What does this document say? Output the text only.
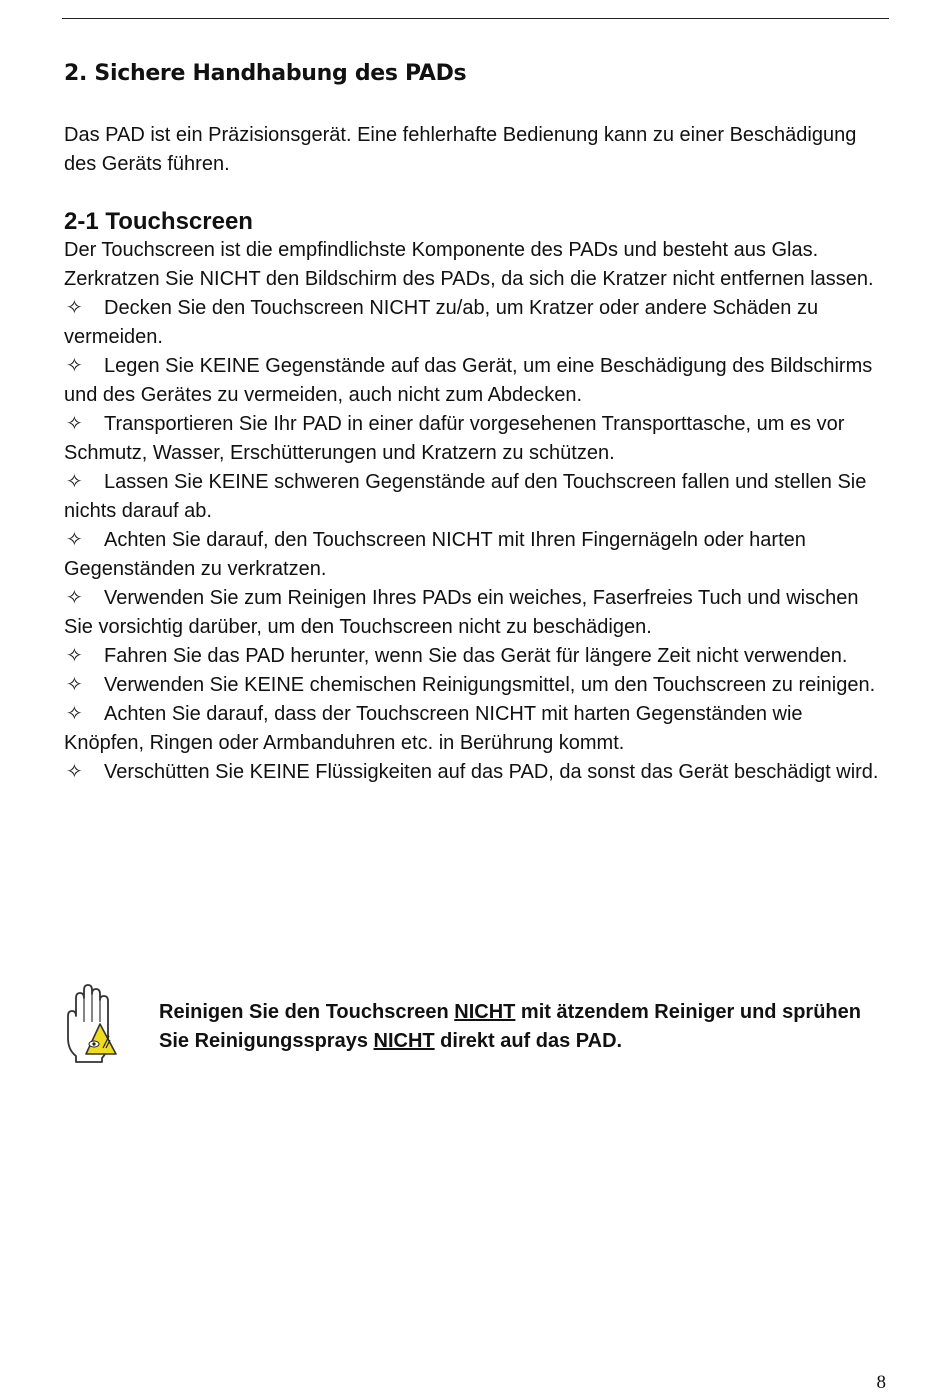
2. Sichere Handhabung des PADs

Das PAD ist ein Präzisionsgerät. Eine fehlerhafte Bedienung kann zu einer Beschädigung des Geräts führen.

2-1 Touchscreen

Der Touchscreen ist die empfindlichste Komponente des PADs und besteht aus Glas. Zerkratzen Sie NICHT den Bildschirm des PADs, da sich die Kratzer nicht entfernen lassen.

✧ Decken Sie den Touchscreen NICHT zu/ab, um Kratzer oder andere Schäden zu vermeiden.
✧ Legen Sie KEINE Gegenstände auf das Gerät, um eine Beschädigung des Bildschirms und des Gerätes zu vermeiden, auch nicht zum Abdecken.
✧ Transportieren Sie Ihr PAD in einer dafür vorgesehenen Transporttasche, um es vor Schmutz, Wasser, Erschütterungen und Kratzern zu schützen.
✧ Lassen Sie KEINE schweren Gegenstände auf den Touchscreen fallen und stellen Sie nichts darauf ab.
✧ Achten Sie darauf, den Touchscreen NICHT mit Ihren Fingernägeln oder harten Gegenständen zu verkratzen.
✧ Verwenden Sie zum Reinigen Ihres PADs ein weiches, Faserfreies Tuch und wischen Sie vorsichtig darüber, um den Touchscreen nicht zu beschädigen.
✧ Fahren Sie das PAD herunter, wenn Sie das Gerät für längere Zeit nicht verwenden.
✧ Verwenden Sie KEINE chemischen Reinigungsmittel, um den Touchscreen zu reinigen.
✧ Achten Sie darauf, dass der Touchscreen NICHT mit harten Gegenständen wie Knöpfen, Ringen oder Armbanduhren etc. in Berührung kommt.
✧ Verschütten Sie KEINE Flüssigkeiten auf das PAD, da sonst das Gerät beschädigt wird.

Reinigen Sie den Touchscreen NICHT mit ätzendem Reiniger und sprühen Sie Reinigungssprays NICHT direkt auf das PAD.

8
